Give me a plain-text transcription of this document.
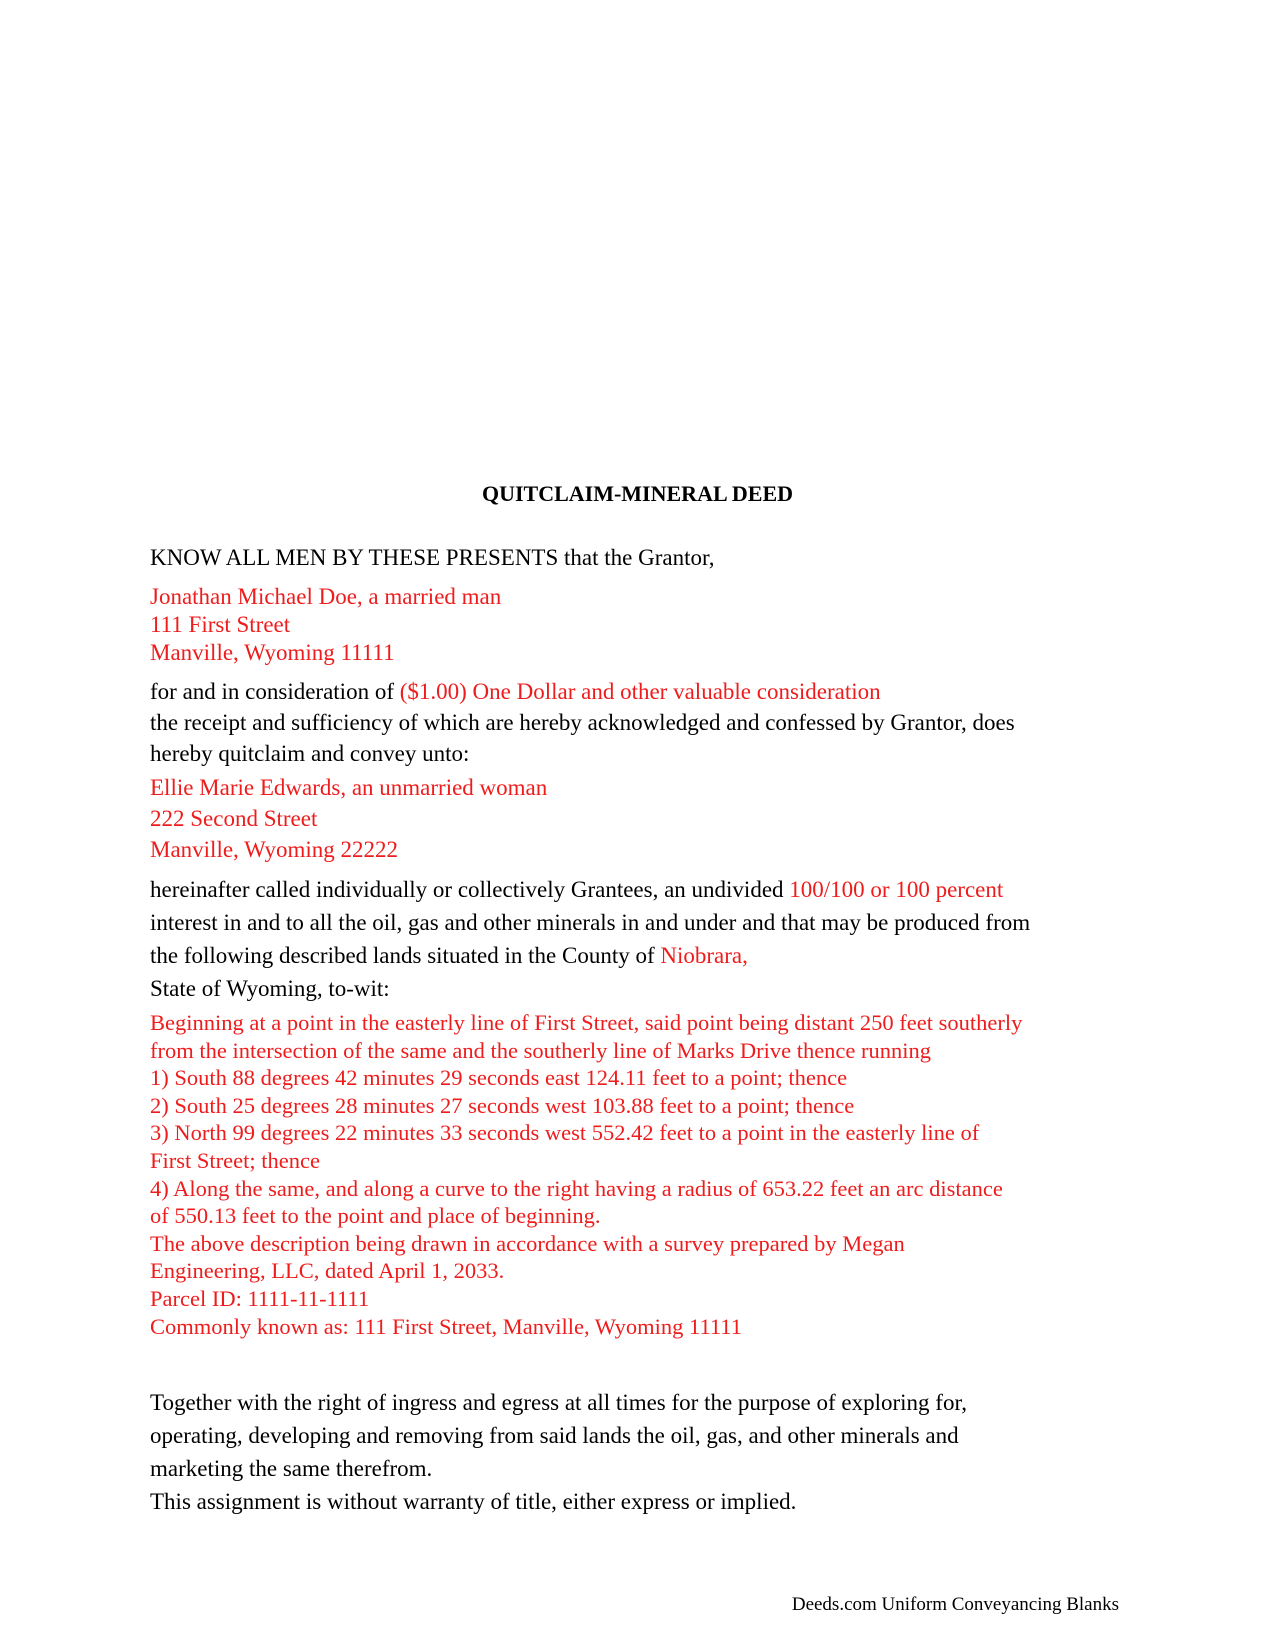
QUITCLAIM-MINERAL DEED
KNOW ALL MEN BY THESE PRESENTS that the Grantor,
Jonathan Michael Doe, a married man
111 First Street
Manville, Wyoming 11111
for and in consideration of ($1.00) One Dollar and other valuable consideration
the receipt and sufficiency of which are hereby acknowledged and confessed by Grantor, does
hereby quitclaim and convey unto:
Ellie Marie Edwards, an unmarried woman
222 Second Street
Manville, Wyoming 22222
hereinafter called individually or collectively Grantees, an undivided 100/100 or 100 percent
interest in and to all the oil, gas and other minerals in and under and that may be produced from
the following described lands situated in the County of Niobrara,
State of Wyoming, to-wit:
Beginning at a point in the easterly line of First Street, said point being distant 250 feet southerly
from the intersection of the same and the southerly line of Marks Drive thence running
1) South 88 degrees 42 minutes 29 seconds east 124.11 feet to a point; thence
2) South 25 degrees 28 minutes 27 seconds west 103.88 feet to a point; thence
3) North 99 degrees 22 minutes 33 seconds west 552.42 feet to a point in the easterly line of
First Street; thence
4) Along the same, and along a curve to the right having a radius of 653.22 feet an arc distance
of 550.13 feet to the point and place of beginning.
The above description being drawn in accordance with a survey prepared by Megan
Engineering, LLC, dated April 1, 2033.
Parcel ID: 1111-11-1111
Commonly known as: 111 First Street, Manville, Wyoming 11111
Together with the right of ingress and egress at all times for the purpose of exploring for,
operating, developing and removing from said lands the oil, gas, and other minerals and
marketing the same therefrom.
This assignment is without warranty of title, either express or implied.
Deeds.com Uniform Conveyancing Blanks
